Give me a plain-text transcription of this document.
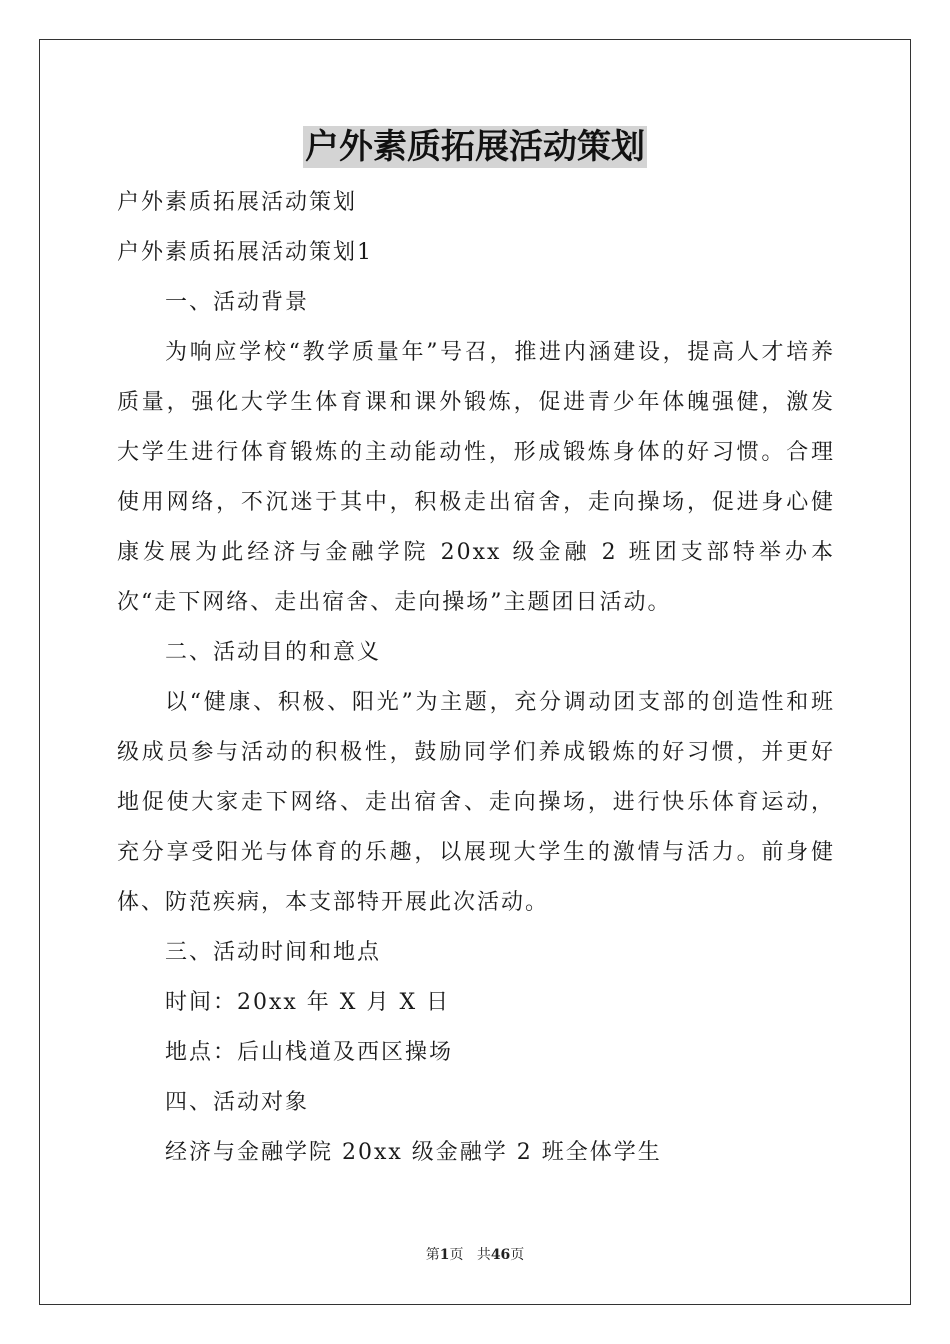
户外素质拓展活动策划

户外素质拓展活动策划

户外素质拓展活动策划1

一、活动背景

为响应学校“教学质量年”号召，推进内涵建设，提高人才培养质量，强化大学生体育课和课外锻炼，促进青少年体魄强健，激发大学生进行体育锻炼的主动能动性，形成锻炼身体的好习惯。合理使用网络，不沉迷于其中，积极走出宿舍，走向操场，促进身心健康发展为此经济与金融学院 20xx 级金融 2 班团支部特举办本次“走下网络、走出宿舍、走向操场”主题团日活动。

二、活动目的和意义

以“健康、积极、阳光”为主题，充分调动团支部的创造性和班级成员参与活动的积极性，鼓励同学们养成锻炼的好习惯，并更好地促使大家走下网络、走出宿舍、走向操场，进行快乐体育运动，充分享受阳光与体育的乐趣，以展现大学生的激情与活力。前身健体、防范疾病，本支部特开展此次活动。

三、活动时间和地点

时间：20xx 年 X 月 X 日

地点：后山栈道及西区操场

四、活动对象

经济与金融学院 20xx 级金融学 2 班全体学生

第1页 共46页
